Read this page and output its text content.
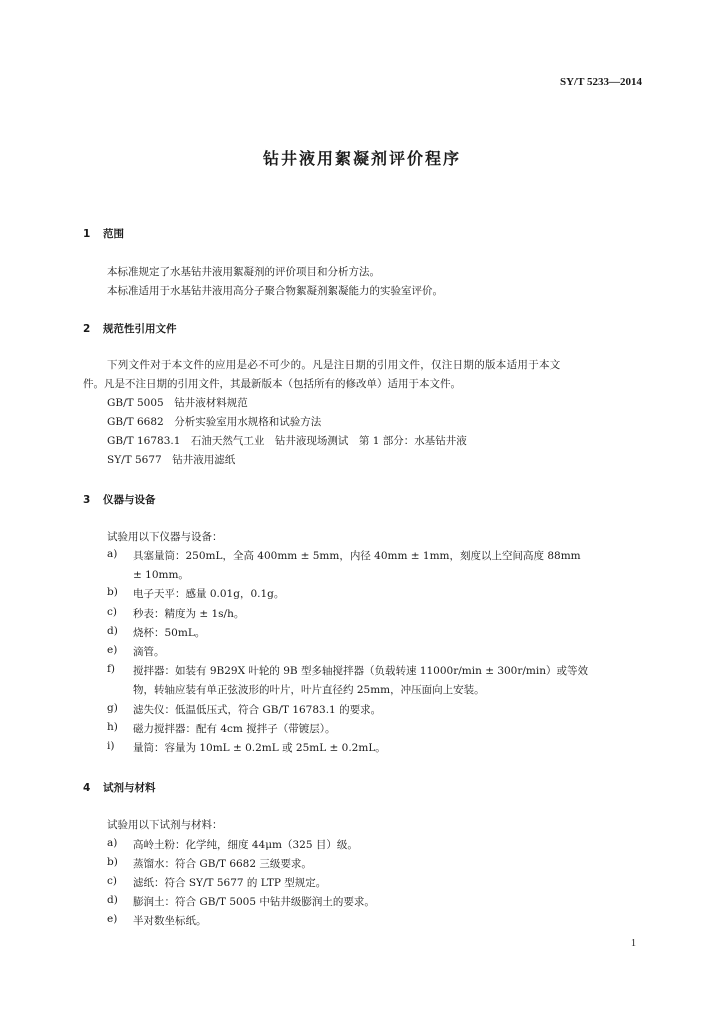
SY/T 5233—2014
钻井液用絮凝剂评价程序
1 范围
本标准规定了水基钻井液用絮凝剂的评价项目和分析方法。
本标准适用于水基钻井液用高分子聚合物絮凝剂絮凝能力的实验室评价。
2 规范性引用文件
下列文件对于本文件的应用是必不可少的。凡是注日期的引用文件，仅注日期的版本适用于本文
件。凡是不注日期的引用文件，其最新版本（包括所有的修改单）适用于本文件。
GB/T 5005　钻井液材料规范
GB/T 6682　分析实验室用水规格和试验方法
GB/T 16783.1　石油天然气工业　钻井液现场测试　第 1 部分：水基钻井液
SY/T 5677　钻井液用滤纸
3 仪器与设备
试验用以下仪器与设备：
a) 具塞量筒：250mL，全高 400mm ± 5mm，内径 40mm ± 1mm，刻度以上空间高度 88mm
± 10mm。
b) 电子天平：感量 0.01g，0.1g。
c) 秒表：精度为 ± 1s/h。
d) 烧杯：50mL。
e) 滴管。
f) 搅拌器：如装有 9B29X 叶轮的 9B 型多轴搅拌器（负载转速 11000r/min ± 300r/min）或等效
物，转轴应装有单正弦波形的叶片，叶片直径约 25mm，冲压面向上安装。
g) 滤失仪：低温低压式，符合 GB/T 16783.1 的要求。
h) 磁力搅拌器：配有 4cm 搅拌子（带镀层）。
i) 量筒：容量为 10mL ± 0.2mL 或 25mL ± 0.2mL。
4 试剂与材料
试验用以下试剂与材料：
a) 高岭土粉：化学纯，细度 44μm（325 目）级。
b) 蒸馏水：符合 GB/T 6682 三级要求。
c) 滤纸：符合 SY/T 5677 的 LTP 型规定。
d) 膨润土：符合 GB/T 5005 中钻井级膨润土的要求。
e) 半对数坐标纸。
1
